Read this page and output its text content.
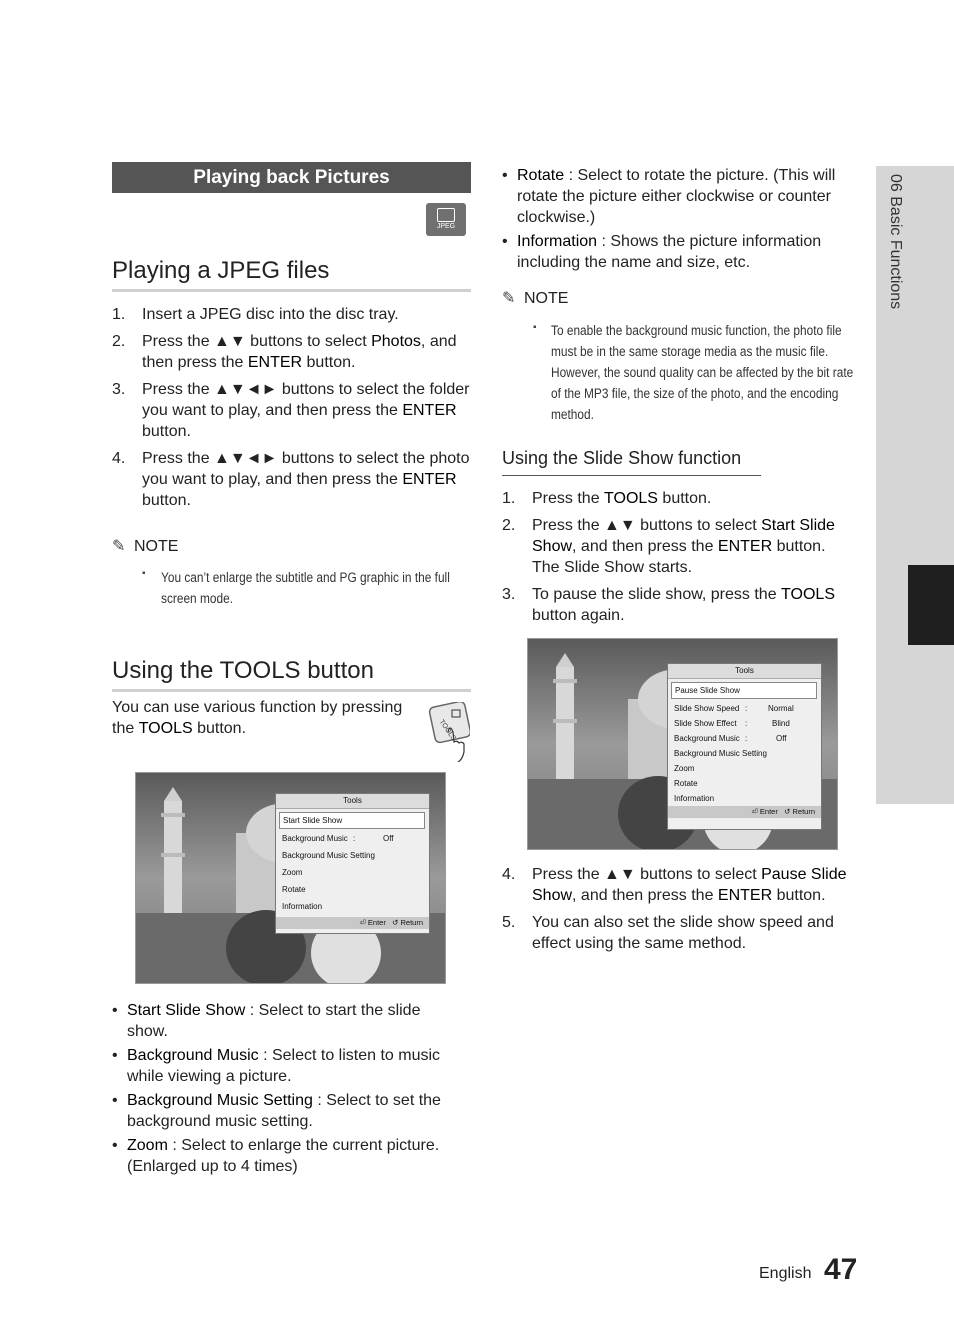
Playing back Pictures
JPEG
Playing a JPEG files
1. Insert a JPEG disc into the disc tray.
2. Press the ▲▼ buttons to select Photos, and then press the ENTER button.
3. Press the ▲▼◄► buttons to select the folder you want to play, and then press the ENTER button.
4. Press the ▲▼◄► buttons to select the photo you want to play, and then press the ENTER button.
✎ NOTE
▪ You can’t enlarge the subtitle and PG graphic in the full screen mode.
Using the TOOLS button
You can use various function by pressing the TOOLS button.	TOOLS
Tools
Start Slide Show
Background Music :	Off
Background Music Setting
Zoom
Rotate
Information
⏎ Enter ↺ Return
• Start Slide Show : Select to start the slide show.
• Background Music : Select to listen to music while viewing a picture.
• Background Music Setting : Select to set the background music setting.
• Zoom : Select to enlarge the current picture. (Enlarged up to 4 times)
• Rotate : Select to rotate the picture. (This will rotate the picture either clockwise or counter clockwise.)
• Information : Shows the picture information including the name and size, etc.
✎ NOTE
▪ To enable the background music function, the photo file must be in the same storage media as the music file. However, the sound quality can be affected by the bit rate of the MP3 file, the size of the photo, and the encoding method.
Using the Slide Show function
1. Press the TOOLS button.
2. Press the ▲▼ buttons to select Start Slide Show, and then press the ENTER button. The Slide Show starts.
3. To pause the slide show, press the TOOLS button again.
Tools
Pause Slide Show
Slide Show Speed :	Normal
Slide Show Effect :	Blind
Background Music :	Off
Background Music Setting
Zoom
Rotate
Information
⏎ Enter ↺ Return
4. Press the ▲▼ buttons to select Pause Slide Show, and then press the ENTER button.
5. You can also set the slide show speed and effect using the same method.
06 Basic Functions
English 47
